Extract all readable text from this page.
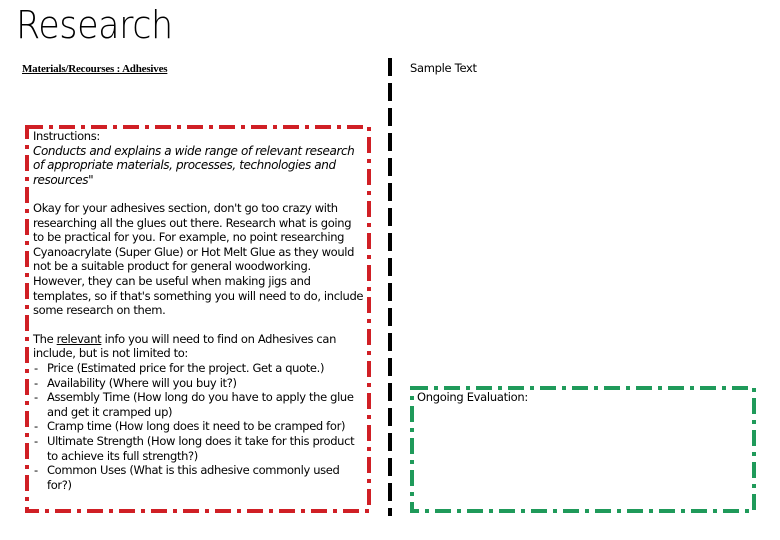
Research
Materials/Recourses : Adhesives	Sample Text

Instructions:

Conducts and explains a wide range of relevant research of appropriate materials, processes, technologies and resources"

Okay for your adhesives section, don't go too crazy with researching all the glues out there. Research what is going to be practical for you. For example, no point researching Cyanoacrylate (Super Glue) or Hot Melt Glue as they would not be a suitable product for general woodworking. However, they can be useful when making jigs and templates, so if that's something you will need to do, include some research on them.

The relevant info you will need to find on Adhesives can include, but is not limited to:

- Price (Estimated price for the project. Get a quote.)
- Availability (Where will you buy it?)
- Assembly Time (How long do you have to apply the glue and get it cramped up)
- Cramp time (How long does it need to be cramped for)
- Ultimate Strength (How long does it take for this product to achieve its full strength?)
- Common Uses (What is this adhesive commonly used for?)
Ongoing Evaluation:
